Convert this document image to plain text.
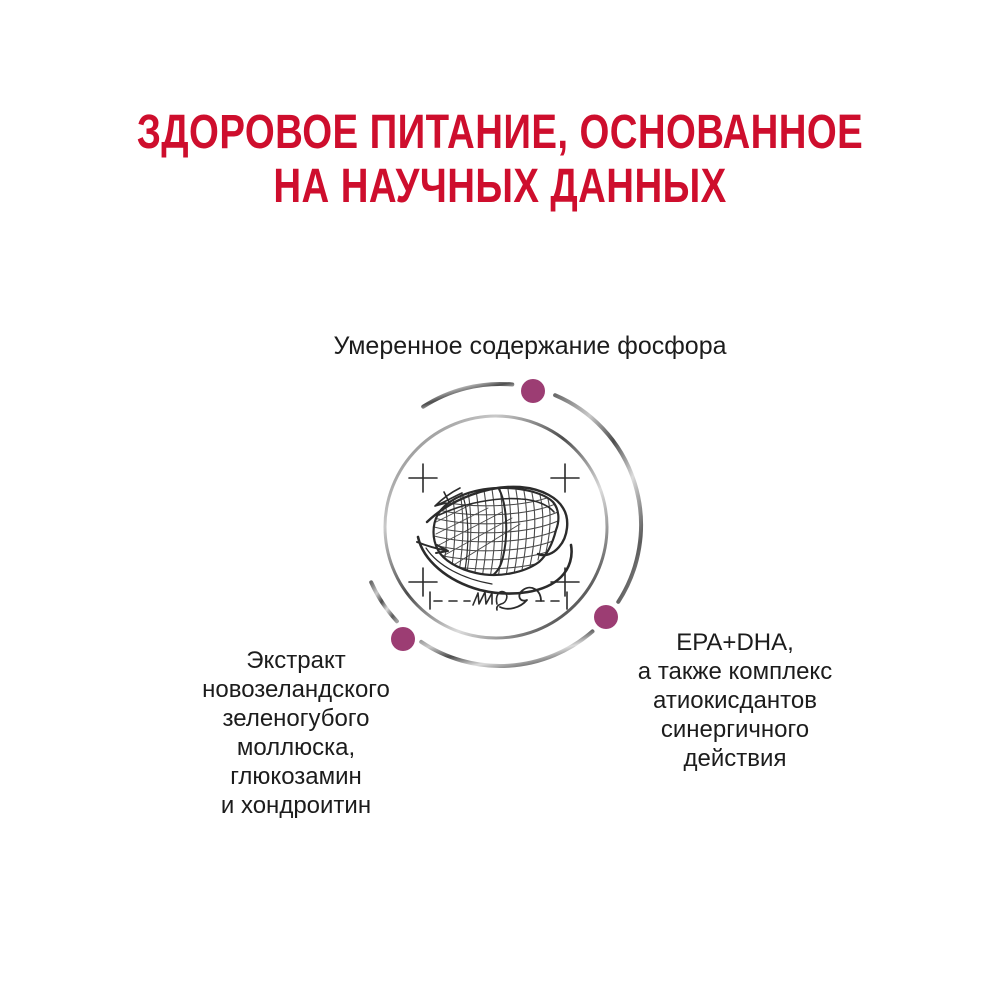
ЗДОРОВОЕ ПИТАНИЕ, ОСНОВАННОЕ
НА НАУЧНЫХ ДАННЫХ
Умеренное содержание фосфора
Экстракт
новозеландского
зеленогубого
моллюска,
глюкозамин
и хондроитин
EPA+DHA,
а также комплекс
атиокисдантов
синергичного
действия
